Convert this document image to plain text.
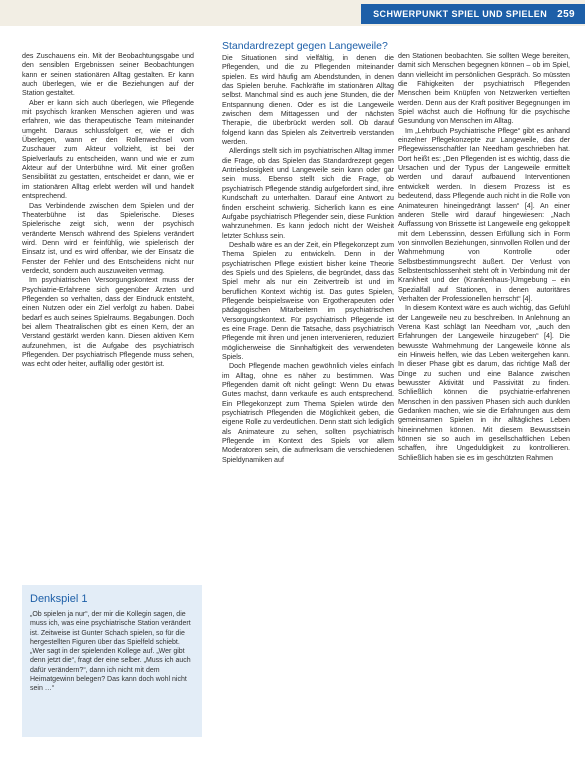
SCHWERPUNKT SPIEL UND SPIELEN 259

des Zuschauens ein. Mit der Beobachtungsgabe und den sensiblen Ergebnissen seiner Beobachtungen kann er seinen stationären Alltag gestalten. Er kann auch überlegen, wie er die Beziehungen auf der Station gestaltet.

Aber er kann sich auch überlegen, wie Pflegende mit psychisch kranken Menschen agieren und was erfahren, wie das therapeutische Team miteinander umgeht. Daraus schlussfolgert er, wie er dich Überlegen, wann er den Rollenwechsel vom Zuschauer zum Akteur vollzieht, ist bei der Spielverlaufs zu entscheiden, wann und wie er zum Akteur auf der Unterbühne wird. Mit einer großen Sensibilität zu gestatten, entscheidet er dann, wie er im stationären Alltag erlebt werden will und handelt entsprechend.

Das Verbindende zwischen dem Spielen und der Theaterbühne ist das Spielerische. Dieses Spielerische zeigt sich, wenn der psychisch veränderte Mensch während des Spielens verändert wird. Denn wird er feinfühlig, wie spielerisch der Einsatz ist, und es wird offenbar, wie der Einsatz die Fenster der Fehler und des Entscheidens nicht nur verdeckt, sondern auch auszuweiten vermag.

Im psychiatrischen Versorgungskontext muss der Psychiatrie-Erfahrene sich gegenüber Ärzten und Pflegenden so verhalten, dass der Eindruck entsteht, einen Nutzen oder ein Ziel verfolgt zu haben. Dabei bedarf es auch seines Spielraums. Begabungen. Doch bei allem Theatralischen gibt es einen Kern, der an Verstand gestärkt werden kann. Diesen aktiven Kern aufzunehmen, ist die Aufgabe des psychiatrisch Pflegenden. Der psychiatrisch Pflegende muss sehen, was echt oder heiter, auffällig oder gestört ist.

Denkspiel 1

„Ob spielen ja nur“, der mir die Kollegin sagen, die muss ich, was eine psychiatrische Station verändert ist. Zeitweise ist Gunter Schach spielen, so für die hergestellten Figuren über das Spielfeld schiebt. „Wer sagt in der spielenden Kollege auf. „Wer gibt denn jetzt die“, fragt der eine selber. „Muss ich auch dafür verändern?“, dann ich nicht mit dem Heimatgewinn belegen? Das kann doch wohl nicht sein …“

Standardrezept gegen Langeweile?

Die Situationen sind vielfältig, in denen die Pflegenden, und die zu Pflegenden miteinander spielen. Es wird häufig am Abendstunden, in denen das Spielen beruhe. Fachkräfte im stationären Alltag selbst. Manchmal sind es auch jene Stunden, die der Entspannung dienen. Oder es ist die Langeweile zwischen dem Mittagessen und der nächsten Therapie, die überbrückt werden soll. Ob darauf folgend kann das Spielen als Zeitvertreib verstanden werden.

Allerdings stellt sich im psychiatrischen Alltag immer die Frage, ob das Spielen das Standardrezept gegen Antriebslosigkeit und Langeweile sein kann oder gar sein muss. Ebenso stellt sich die Frage, ob psychiatrisch Pflegende ständig aufgefordert sind, ihre Kundschaft zu unterhalten. Darauf eine Antwort zu finden erscheint schwierig. Sicherlich kann es eine Aufgabe psychiatrisch Pflegender sein, diese Funktion wahrzunehmen. Es kann jedoch nicht der Weisheit letzter Schluss sein.

Deshalb wäre es an der Zeit, ein Pflegekonzept zum Thema Spielen zu entwickeln. Denn in der psychiatrischen Pflege existiert bisher keine Theorie des Spiels und des Spielens, die begründet, dass das Spiel mehr als nur ein Zeitvertreib ist und im beruflichen Kontext wichtig ist. Das gutes Spielen, Pflegende beispielsweise von Ergotherapeuten oder pädagogischen Mitarbeitern im psychiatrischen Versorgungskontext. Für psychiatrisch Pflegende ist es eine Frage. Denn die Tatsache, dass psychiatrisch Pflegende mit ihren und jenen intervenieren, reduziert möglicherweise die Sinnhaftigkeit des verwendeten Spiels.

Doch Pflegende machen gewöhnlich vieles einfach im Alltag, ohne es näher zu bestimmen. Was Pflegenden damit oft nicht gelingt: Wenn Du etwas Gutes machst, dann verkaufe es auch entsprechend. Ein Pflegekonzept zum Thema Spielen würde den psychiatrisch Pflegenden die Möglichkeit geben, die eigene Rolle zu verdeutlichen. Denn statt sich lediglich als Animateure zu sehen, sollten psychiatrisch Pflegende im Kontext des Spiels vor allem Moderatoren sein, die aufmerksam die verschiedenen Spieldynamiken auf

den Stationen beobachten. Sie sollten Wege bereiten, damit sich Menschen begegnen können – ob im Spiel, dann vielleicht im persönlichen Gespräch. So müssten die Fähigkeiten der psychiatrisch Pflegenden Menschen beim Knüpfen von Netzwerken vertieften werden. Denn aus der Kraft positiver Begegnungen im Spiel wächst auch die Hoffnung für die psychische Gesundung von Menschen im Alltag.

Im „Lehrbuch Psychiatrische Pflege“ gibt es anhand einzelner Pflegekonzepte zur Langeweile, das der Pflegewissenschaftler Ian Needham geschrieben hat. Dort heißt es: „Den Pflegenden ist es wichtig, dass die Ursachen und der Typus der Langeweile ermittelt werden und darauf aufbauend Interventionen entwickelt werden. In diesem Prozess ist es bedeutend, dass Pflegende auch nicht in die Rolle von Animateuren hineingedrängt lassen“ [4]. An einer anderen Stelle wird darauf hingewiesen: „Nach Auffassung von Brissette ist Langeweile eng gekoppelt mit dem Lebenssinn, dessen Erfüllung sich in Form von sinnvollen Beziehungen, sinnvollen Rollen und der Wahrnehmung von Kontrolle oder Selbstbestimmungsrecht äußert. Der Verlust von Selbstentschlossenheit steht oft in Verbindung mit der Krankheit und der (Krankenhaus-)Umgebung – ein Spezialfall auf Stationen, in denen autoritäres Verhalten der Professionellen herrscht“ [4].

In diesem Kontext wäre es auch wichtig, das Gefühl der Langeweile neu zu beschreiben. In Anlehnung an Verena Kast schlägt Ian Needham vor, „auch den Erfahrungen der Langeweile hinzugeben“ [4]. Die bewusste Wahrnehmung der Langeweile könne als ein Hinweis helfen, wie das Leben weitergehen kann. In dieser Phase gibt es darum, das richtige Maß der Dinge zu suchen und eine Balance zwischen bewusster Aktivität und Passivität zu finden. Schließlich können die psychiatrie-erfahrenen Menschen in den passiven Phasen sich auch dunklen Gedanken machen, wie sie die Erfahrungen aus dem gemeinsamen Spielen in ihr alltägliches Leben hineinnehmen können. Mit diesem Bewusstsein können sie so auch im gesellschaftlichen Leben schaffen, ihre Ungeduldigkeit zu kontrollieren. Schließlich haben sie es im geschützten Rahmen
